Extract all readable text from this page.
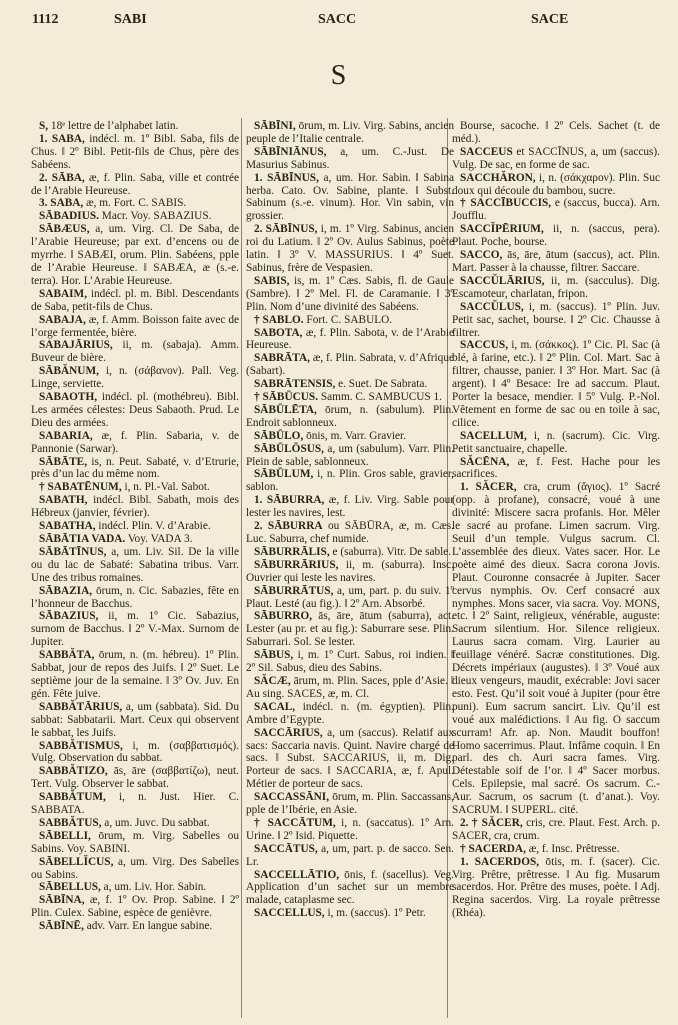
1112	SABI	SACC	SACE
S

S, 18ᵉ lettre de l’alphabet latin.

1. SABA, indécl. m. 1º Bibl. Saba, fils de Chus. ‖ 2º Bibl. Petit-fils de Chus, père des Sabéens.

2. SĀBA, æ, f. Plin. Saba, ville et contrée de l’Arabie Heureuse.

3. SABA, æ, m. Fort. C. SABIS.

SĀBADIUS. Macr. Voy. SABAZIUS.

SĀBÆUS, a, um. Virg. Cl. De Saba, de l’Arabie Heureuse; par ext. d’encens ou de myrrhe. ‖ SABÆI, orum. Plin. Sabéens, pple de l’Arabie Heureuse. ‖ SABÆA, æ (s.-e. terra). Hor. L’Arabie Heureuse.

SABAIM, indécl. pl. m. Bibl. Descendants de Saba, petit-fils de Chus.

SABAJA, æ, f. Amm. Boisson faite avec de l’orge fermentée, bière.

SABAJĀRIUS, ii, m. (sabaja). Amm. Buveur de bière.

SĀBĂNUM, i, n. (σάβανον). Pall. Veg. Linge, serviette.

SABAOTH, indécl. pl. (mothébreu). Bibl. Les armées célestes: Deus Sabaoth. Prud. Le Dieu des armées.

SABARIA, æ, f. Plin. Sabaria, v. de Pannonie (Sarwar).

SĀBĀTE, is, n. Peut. Sabaté, v. d’Etrurie, près d’un lac du même nom.

† SABATĒNUM, i, n. Pl.-Val. Sabot.

SABATH, indécl. Bibl. Sabath, mois des Hébreux (janvier, février).

SABATHA, indécl. Plin. V. d’Arabie.

SĀBĀTIA VADA. Voy. VADA 3.

SĀBĀTĪNUS, a, um. Liv. Sil. De la ville ou du lac de Sabaté: Sabatina tribus. Varr. Une des tribus romaines.

SĀBAZIA, ōrum, n. Cic. Sabazies, fête en l’honneur de Bacchus.

SĀBAZIUS, ii, m. 1º Cic. Sabazius, surnom de Bacchus. ‖ 2º V.-Max. Surnom de Jupiter.

SABBĂTA, ōrum, n. (m. hébreu). 1º Plin. Sabbat, jour de repos des Juifs. ‖ 2º Suet. Le septième jour de la semaine. ‖ 3º Ov. Juv. En gén. Fête juive.

SABBĂTĀRIUS, a, um (sabbata). Sid. Du sabbat: Sabbatarii. Mart. Ceux qui observent le sabbat, les Juifs.

SABBĂTISMUS, i, m. (σαββατισμός). Vulg. Observation du sabbat.

SABBĂTIZO, ās, āre (σαββατίζω), neut. Tert. Vulg. Observer le sabbat.

SABBĂTUM, i, n. Just. Hier. C. SABBATA.

SABBĂTUS, a, um. Juvc. Du sabbat.

SĀBELLI, ōrum, m. Virg. Sabelles ou Sabins. Voy. SABINI.

SĀBELLĬCUS, a, um. Virg. Des Sabelles ou Sabins.

SĀBELLUS, a, um. Liv. Hor. Sabin.

SĀBĪNA, æ, f. 1º Ov. Prop. Sabine. ‖ 2º Plin. Culex. Sabine, espèce de genièvre.

SĀBĪNĒ, adv. Varr. En langue sabine.

SĀBĪNI, ōrum, m. Liv. Virg. Sabins, ancien peuple de l’Italie centrale.

SĀBĪNIĀNUS, a, um. C.-Just. De Masurius Sabinus.

1. SĀBĪNUS, a, um. Hor. Sabin. ‖ Sabina herba. Cato. Ov. Sabine, plante. ‖ Subst. Sabinum (s.-e. vinum). Hor. Vin sabin, vin grossier.

2. SĀBĪNUS, i, m. 1º Virg. Sabinus, ancien roi du Latium. ‖ 2º Ov. Aulus Sabinus, poète latin. ‖ 3º V. MASSURIUS. ‖ 4º Suet. Sabinus, frère de Vespasien.

SABIS, is, m. 1º Cæs. Sabis, fl. de Gaule (Sambre). ‖ 2º Mel. Fl. de Caramanie. ‖ 3º Plin. Nom d’une divinité des Sabéens.

† SABLO. Fort. C. SABULO.

SABOTA, æ, f. Plin. Sabota, v. de l’Arabie Heureuse.

SABRĀTA, æ, f. Plin. Sabrata, v. d’Afrique (Sabart).

SABRĀTENSIS, e. Suet. De Sabrata.

† SĀBŪCUS. Samm. C. SAMBUCUS 1.

SĀBŪLĒTA, ōrum, n. (sabulum). Plin. Endroit sablonneux.

SĀBŪLO, ōnis, m. Varr. Gravier.

SĀBŪLŌSUS, a, um (sabulum). Varr. Plin. Plein de sable, sablonneux.

SĀBŪLUM, i, n. Plin. Gros sable, gravier, sablon.

1. SĀBURRA, æ, f. Liv. Virg. Sable pour lester les navires, lest.

2. SĀBURRA ou SĀBŪRA, æ, m. Cæs. Luc. Saburra, chef numide.

SĀBURRĀLIS, e (saburra). Vitr. De sable.

SĀBURRĀRIUS, ii, m. (saburra). Insc. Ouvrier qui leste les navires.

SĀBURRĀTUS, a, um, part. p. du suiv. 1º Plaut. Lesté (au fig.). ‖ 2º Arn. Absorbé.

SĀBURRO, ās, āre, ātum (saburra), act. Lester (au pr. et au fig.): Saburrare sese. Plin. Saburrari. Sol. Se lester.

SĀBUS, i, m. 1º Curt. Sabus, roi indien. ‖ 2º Sil. Sabus, dieu des Sabins.

SĂCÆ, ārum, m. Plin. Saces, pple d’Asie. ‖ Au sing. SACES, æ, m. Cl.

SACAL, indécl. n. (m. égyptien). Plin. Ambre d’Egypte.

SACCĀRIUS, a, um (saccus). Relatif aux sacs: Saccaria navis. Quint. Navire chargé de sacs. ‖ Subst. SACCARIUS, ii, m. Dig. Porteur de sacs. ‖ SACCARIA, æ, f. Apul. Métier de porteur de sacs.

SACCASSĀNI, ōrum, m. Plin. Saccassans, pple de l’Ibérie, en Asie.

† SACCĀTUM, i, n. (saccatus). 1º Arn. Urine. ‖ 2º Isid. Piquette.

SACCĀTUS, a, um, part. p. de sacco. Sen. Lr.

SACCELLĀTIO, ōnis, f. (sacellus). Veg. Application d’un sachet sur un membre malade, cataplasme sec.

SACCELLUS, i, m. (saccus). 1º Petr.

Bourse, sacoche. ‖ 2º Cels. Sachet (t. de méd.).

SACCEUS et SACCĪNUS, a, um (saccus). Vulg. De sac, en forme de sac.

SACCHĂRON, i, n. (σάκχαρον). Plin. Suc doux qui découle du bambou, sucre.

† SACCĪBUCCIS, e (saccus, bucca). Arn. Joufflu.

SACCĬPĒRIUM, ii, n. (saccus, pera). Plaut. Poche, bourse.

SACCO, ās, āre, ātum (saccus), act. Plin. Mart. Passer à la chausse, filtrer. Saccare.

SACCŬLĀRIUS, ii, m. (sacculus). Dig. Escamoteur, charlatan, fripon.

SACCŬLUS, i, m. (saccus). 1º Plin. Juv. Petit sac, sachet, bourse. ‖ 2º Cic. Chausse à filtrer.

SACCUS, i, m. (σάκκος). 1º Cic. Pl. Sac (à blé, à farine, etc.). ‖ 2º Plin. Col. Mart. Sac à filtrer, chausse, panier. ‖ 3º Hor. Mart. Sac (à argent). ‖ 4º Besace: Ire ad saccum. Plaut. Porter la besace, mendier. ‖ 5º Vulg. P.-Nol. Vêtement en forme de sac ou en toile à sac, cilice.

SACELLUM, i, n. (sacrum). Cic. Virg. Petit sanctuaire, chapelle.

SĂCĒNA, æ, f. Fest. Hache pour les sacrifices.

1. SĂCER, cra, crum (ἅγιος). 1º Sacré (opp. à profane), consacré, voué à une divinité: Miscere sacra profanis. Hor. Mêler le sacré au profane. Limen sacrum. Virg. Seuil d’un temple. Vulgus sacrum. Cl. L’assemblée des dieux. Vates sacer. Hor. Le poète aimé des dieux. Sacra corona Jovis. Plaut. Couronne consacrée à Jupiter. Sacer cervus nymphis. Ov. Cerf consacré aux nymphes. Mons sacer, via sacra. Voy. MONS, etc. ‖ 2º Saint, religieux, vénérable, auguste: Sacrum silentium. Hor. Silence religieux. Laurus sacra comam. Virg. Laurier au feuillage vénéré. Sacræ constitutiones. Dig. Décrets impériaux (augustes). ‖ 3º Voué aux dieux vengeurs, maudit, exécrable: Jovi sacer esto. Fest. Qu’il soit voué à Jupiter (pour être puni). Eum sacrum sancirt. Liv. Qu’il est voué aux malédictions. ‖ Au fig. O saccum scurram! Afr. ap. Non. Maudit bouffon! Homo sacerrimus. Plaut. Infâme coquin. ‖ En parl. des ch. Auri sacra fames. Virg. Détestable soif de l’or. ‖ 4º Sacer morbus. Cels. Epilepsie, mal sacré. Os sacrum. C.-Aur. Sacrum, os sacrum (t. d’anat.). Voy. SACRUM. ‖ SUPERL. cité.

2. † SĂCER, cris, cre. Plaut. Fest. Arch. p. SACER, cra, crum.

† SACERDA, æ, f. Insc. Prêtresse.

1. SACERDOS, ōtis, m. f. (sacer). Cic. Virg. Prêtre, prêtresse. ‖ Au fig. Musarum sacerdos. Hor. Prêtre des muses, poète. ‖ Adj. Regina sacerdos. Virg. La royale prêtresse (Rhéa).
